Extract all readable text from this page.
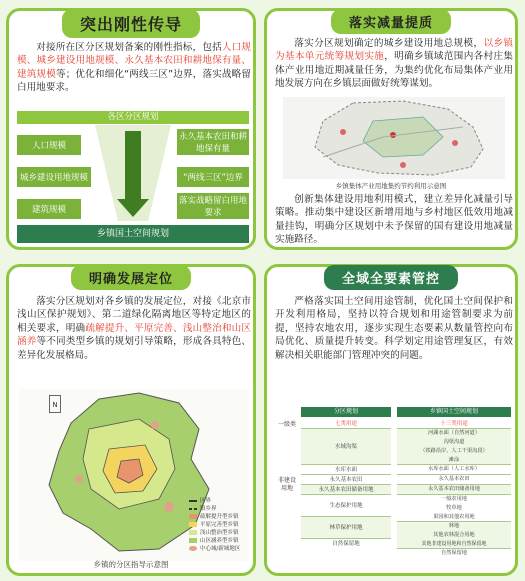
突出刚性传导
对接所在区分区规划备案的刚性指标，包括人口规模、城乡建设用地规模、永久基本农田和耕地保有量、建筑规模等；优化和细化“两线三区”边界，落实战略留白用地要求。
各区分区规划
人口规模
城乡建设用地规模
建筑规模
永久基本农田和耕地保有量
“两线三区”边界
落实战略留白用地要求
乡镇国土空间规划
落实减量提质
落实分区规划确定的城乡建设用地总规模，以乡镇为基本单元统筹规划实施，明确乡镇域范围内各村庄集体产业用地近期减量任务，为集约优化布局集体产业用地发展方向在乡镇层面做好统筹谋划。
乡镇集体产业用地集约节约利用示意图
创新集体建设用地利用模式，建立差异化减量引导策略。推动集中建设区新增用地与乡村地区低效用地减量挂钩，明确分区规划中未予保留的国有建设用地减量实施路径。
明确发展定位
落实分区规划对各乡镇的发展定位，对接《北京市浅山区保护规划》、第二道绿化隔离地区等特定地区的相关要求，明确疏解提升、平原完善、浅山整治和山区涵养等不同类型乡镇的规划引导策略，形成各具特色、差异化发展格局。
N
区界
镇乡界
疏解提升型乡镇
平原完善型乡镇
浅山整治型乡镇
山区涵养型乡镇
中心城/新城地区
乡镇的分区指导示意图
全域全要素管控
严格落实国土空间用途管制，优化国土空间保护和开发利用格局，坚持以符合规划和用途管制要求为前提，坚持农地农用，逐步实现生态要素从数量管控向布局优化、质量提升转变。科学划定用途管理复区，有效解决相关职能部门管理冲突的问题。
分区规划	乡镇国土空间规划
一级类
非建设用地
七类用途
水域沟渠
水库水面
永久基本农田
永久基本农田储备用地
生态保护用地
林草保护用地
自然保留地
十三类用途
河湖水面（自然河道）
沟渠沟道
（铁路沿岸、人工干渠沟段）
滩涂
水库水面（人工水库）
永久基本农田
永久基本农田储备用地
一般农用地
牧草地
果园和其他农用地
林地
其他农林混合用地
其他非建设用地和自然保留地
自然保留地
